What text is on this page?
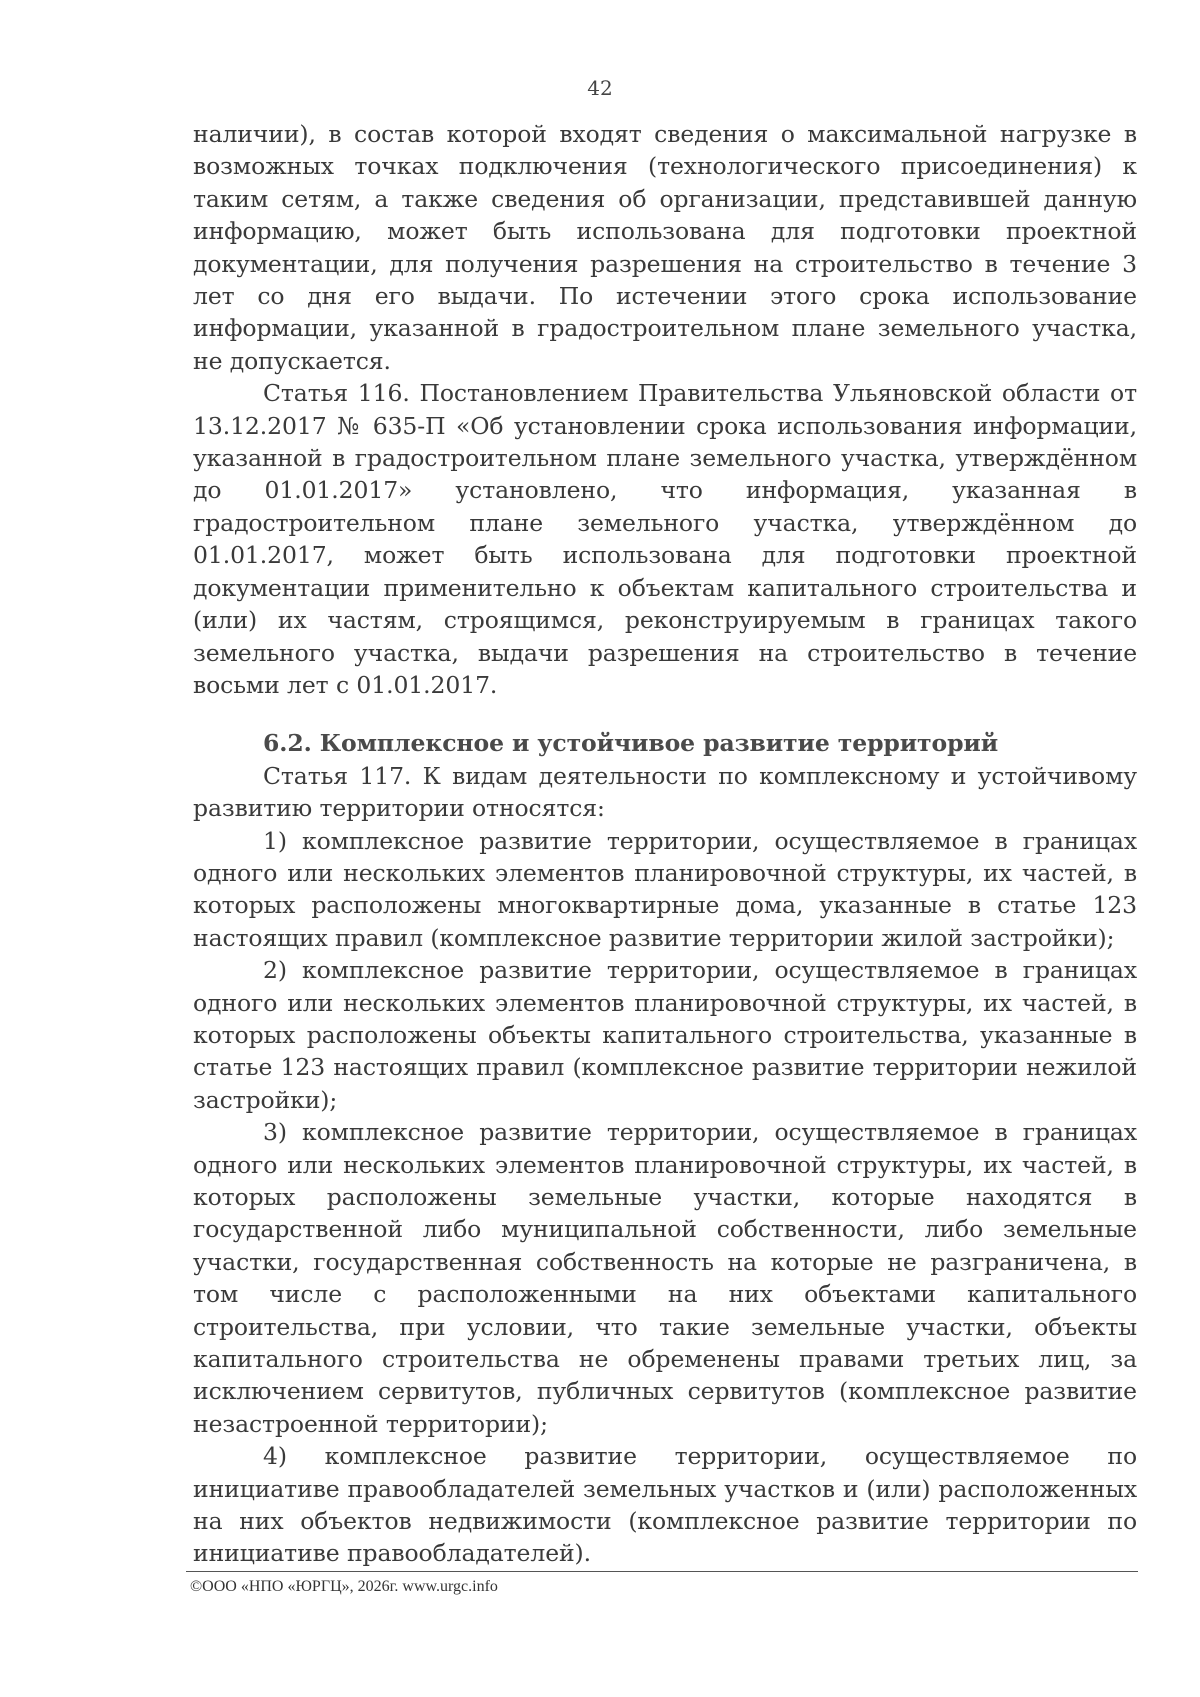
42

наличии), в состав которой входят сведения о максимальной нагрузке в возможных точках подключения (технологического присоединения) к таким сетям, а также сведения об организации, представившей данную информацию, может быть использована для подготовки проектной документации, для получения разрешения на строительство в течение 3 лет со дня его выдачи. По истечении этого срока использование информации, указанной в градостроительном плане земельного участка, не допускается.

Статья 116. Постановлением Правительства Ульяновской области от 13.12.2017 № 635-П «Об установлении срока использования информации, указанной в градостроительном плане земельного участка, утверждённом до 01.01.2017» установлено, что информация, указанная в градостроительном плане земельного участка, утверждённом до 01.01.2017, может быть использована для подготовки проектной документации применительно к объектам капитального строительства и (или) их частям, строящимся, реконструируемым в границах такого земельного участка, выдачи разрешения на строительство в течение восьми лет с 01.01.2017.

6.2. Комплексное и устойчивое развитие территорий

Статья 117. К видам деятельности по комплексному и устойчивому развитию территории относятся:

1) комплексное развитие территории, осуществляемое в границах одного или нескольких элементов планировочной структуры, их частей, в которых расположены многоквартирные дома, указанные в статье 123 настоящих правил (комплексное развитие территории жилой застройки);

2) комплексное развитие территории, осуществляемое в границах одного или нескольких элементов планировочной структуры, их частей, в которых расположены объекты капитального строительства, указанные в статье 123 настоящих правил (комплексное развитие территории нежилой застройки);

3) комплексное развитие территории, осуществляемое в границах одного или нескольких элементов планировочной структуры, их частей, в которых расположены земельные участки, которые находятся в государственной либо муниципальной собственности, либо земельные участки, государственная собственность на которые не разграничена, в том числе с расположенными на них объектами капитального строительства, при условии, что такие земельные участки, объекты капитального строительства не обременены правами третьих лиц, за исключением сервитутов, публичных сервитутов (комплексное развитие незастроенной территории);

4) комплексное развитие территории, осуществляемое по инициативе правообладателей земельных участков и (или) расположенных на них объектов недвижимости (комплексное развитие территории по инициативе правообладателей).

©ООО «НПО «ЮРГЦ», 2026г. www.urgc.info
